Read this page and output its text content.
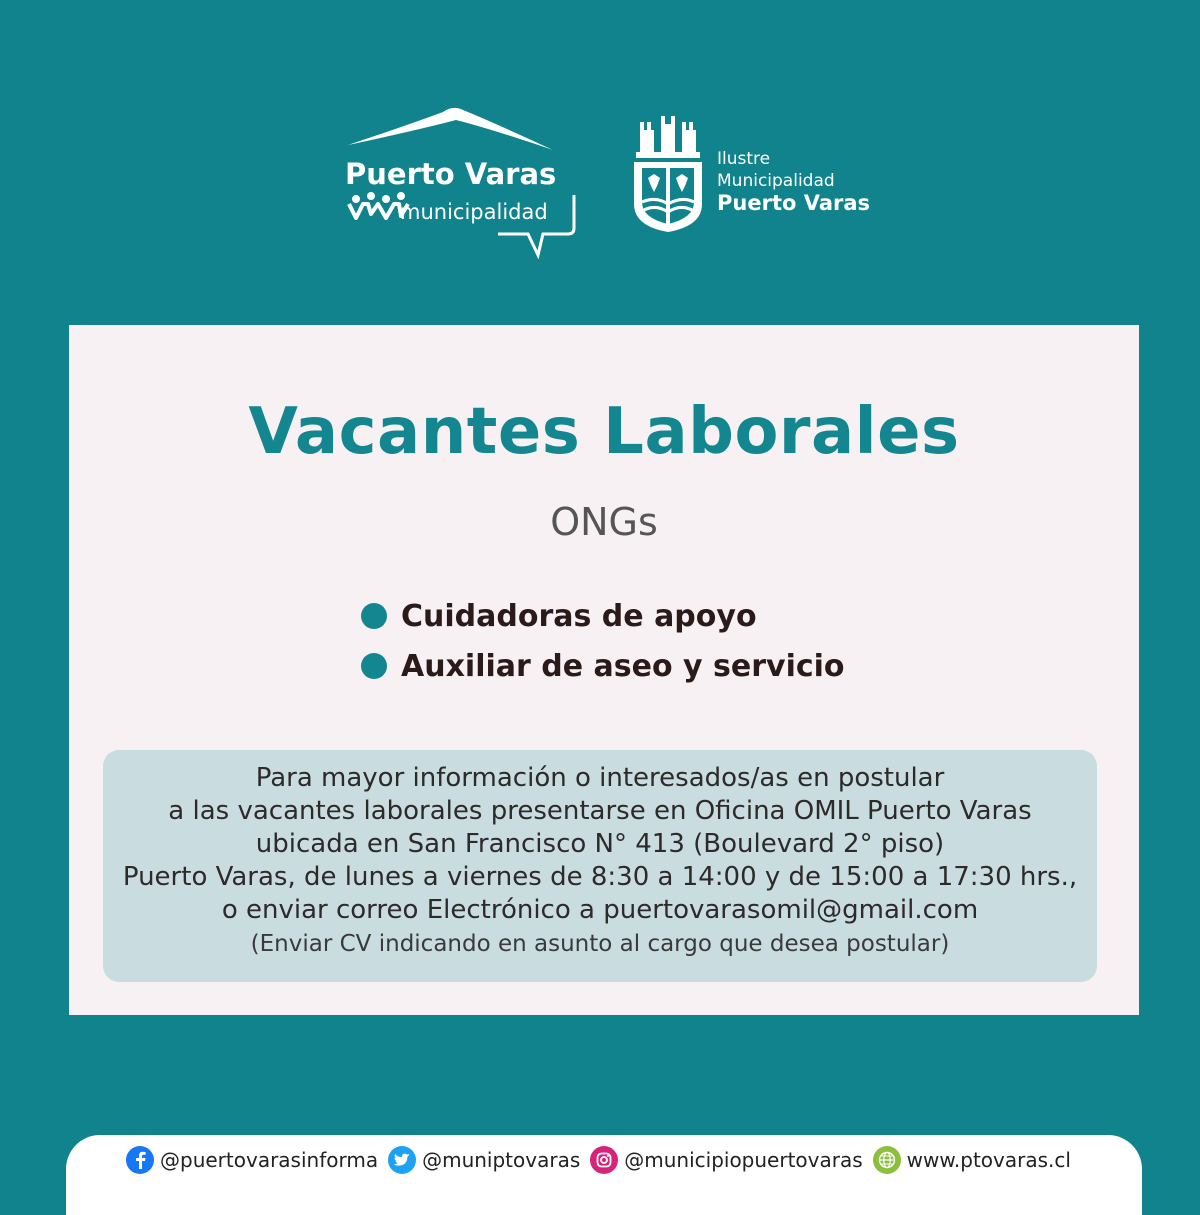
Puerto Varas
municipalidad
Ilustre
Municipalidad
Puerto Varas
Vacantes Laborales
ONGs
Cuidadoras de apoyo
Auxiliar de aseo y servicio
Para mayor información o interesados/as en postular
a las vacantes laborales presentarse en Oficina OMIL Puerto Varas
ubicada en San Francisco N° 413 (Boulevard 2° piso)
Puerto Varas, de lunes a viernes de 8:30 a 14:00 y de 15:00 a 17:30 hrs.,
o enviar correo Electrónico a puertovarasomil@gmail.com
(Enviar CV indicando en asunto al cargo que desea postular)
@puertovarasinforma @muniptovaras @municipiopuertovaras www.ptovaras.cl
